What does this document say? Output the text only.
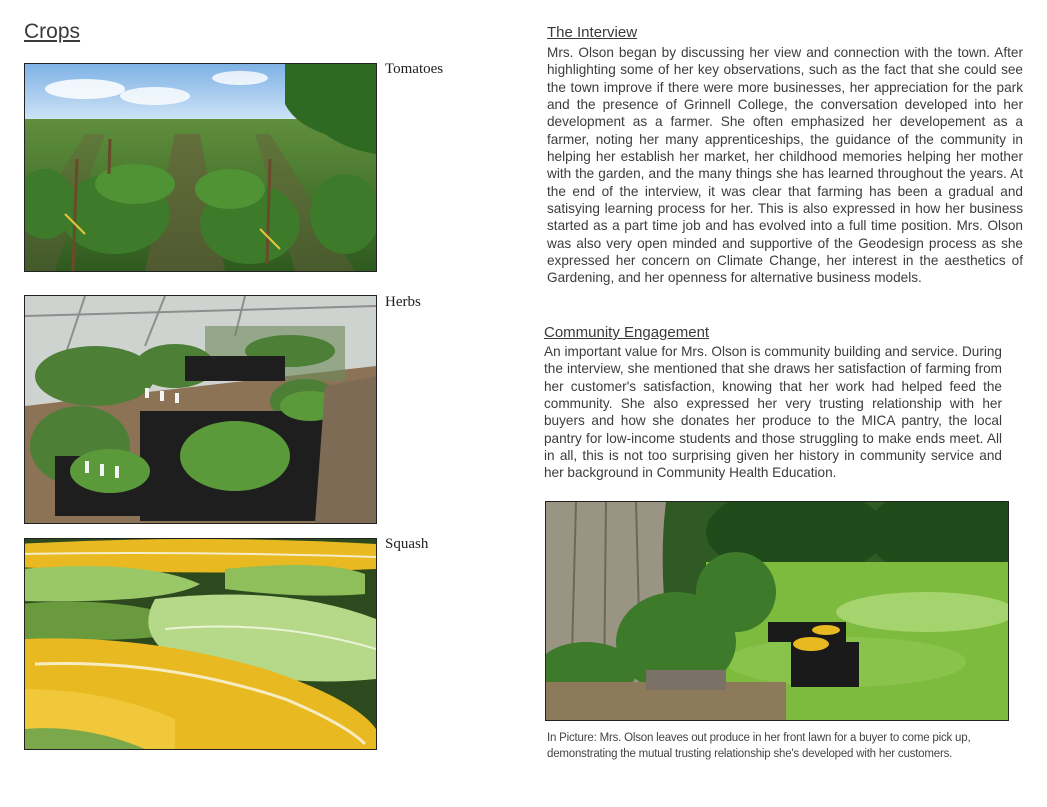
Crops
Tomatoes
Herbs
Squash
The Interview
Mrs. Olson began by discussing her view and connection with the town. After highlighting some of her key observations, such as the fact that she could see the town improve if there were more businesses, her appreciation for the park and the presence of Grinnell College, the conversation developed into her development as a farmer. She often emphasized her developement as a farmer, noting her many apprenticeships, the guidance of the community in helping her establish her market, her childhood memories helping her mother with the garden, and the many things she has learned throughout the years. At the end of the interview, it was clear that farming has been a gradual and satisying learning process for her. This is also expressed in how her business started as a part time job and has evolved into a full time position. Mrs. Olson was also very open minded and supportive of the Geodesign process as she expressed her concern on Climate Change, her interest in the aesthetics of Gardening, and her openness for alternative business models.
Community Engagement
An important value for Mrs. Olson is community building and service. During the interview, she mentioned that she draws her satisfaction of farming from her customer's satisfaction, knowing that her work had helped feed the community. She also expressed her very trusting relationship with her buyers and how she donates her produce to the MICA pantry, the local pantry for low-income students and those struggling to make ends meet. All in all, this is not too surprising given her history in community service and her background in Community Health Education.
In Picture: Mrs. Olson leaves out produce in her front lawn for a buyer to come pick up, demonstrating the mutual trusting relationship she's developed with her customers.
